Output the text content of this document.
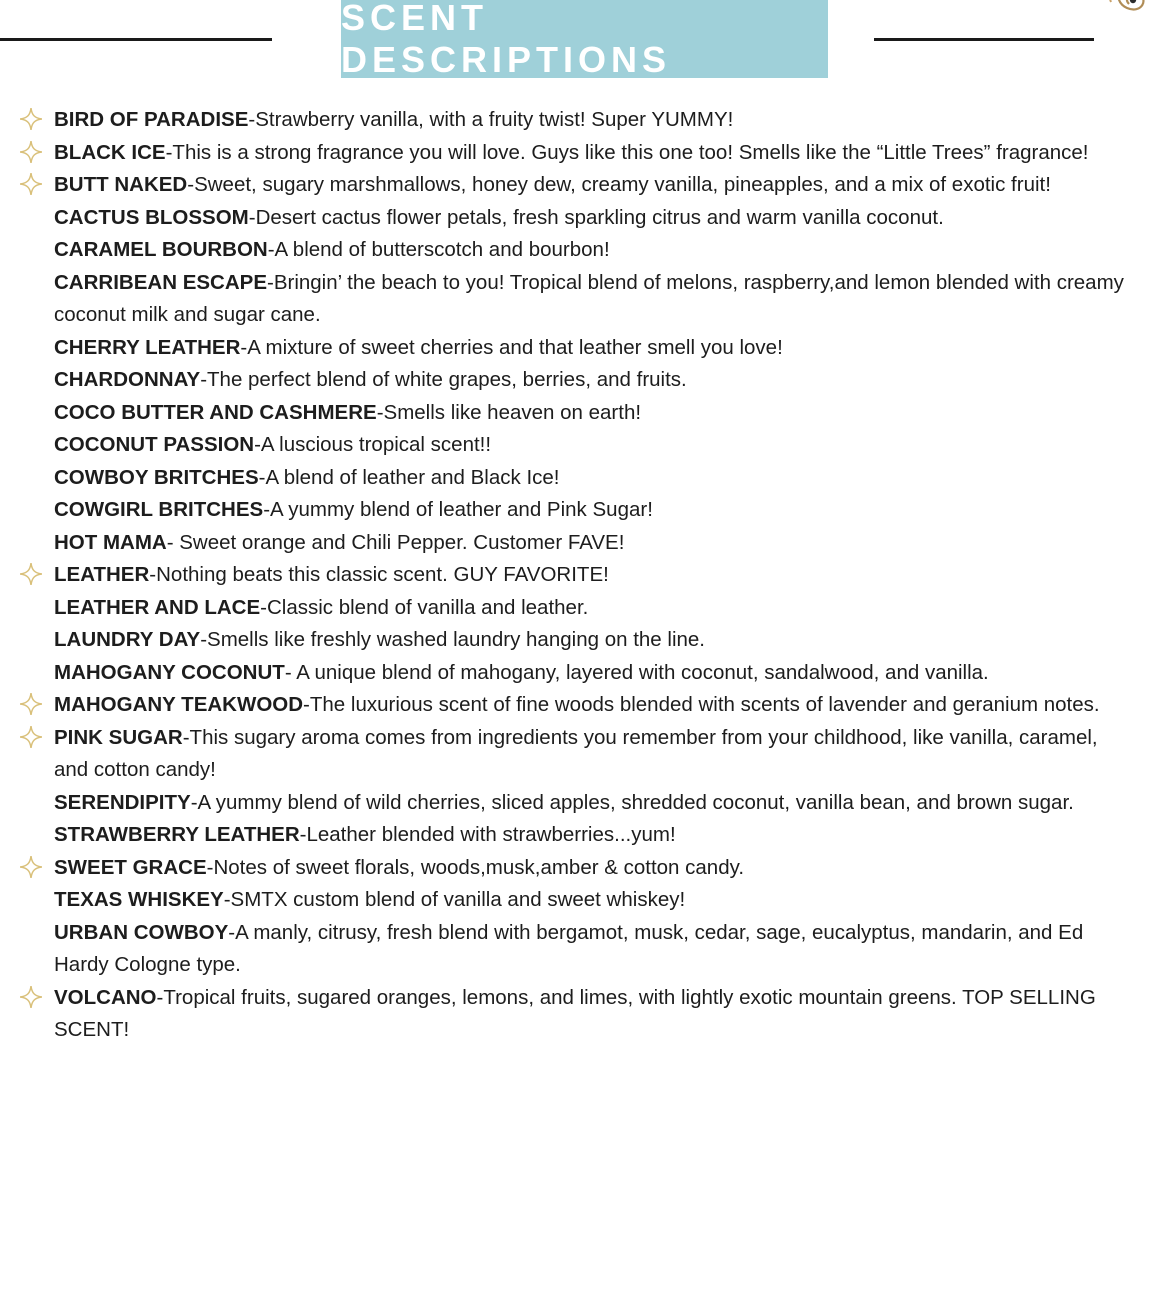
SCENT DESCRIPTIONS
BIRD OF PARADISE-Strawberry vanilla, with a fruity twist! Super YUMMY!
BLACK ICE-This is a strong fragrance you will love. Guys like this one too! Smells like the “Little Trees” fragrance!
BUTT NAKED-Sweet, sugary marshmallows, honey dew, creamy vanilla, pineapples, and a mix of exotic fruit!
CACTUS BLOSSOM-Desert cactus flower petals, fresh sparkling citrus and warm vanilla coconut.
CARAMEL BOURBON-A blend of butterscotch and bourbon!
CARRIBEAN ESCAPE-Bringin’ the beach to you! Tropical blend of melons, raspberry,and lemon blended with creamy coconut milk and sugar cane.
CHERRY LEATHER-A mixture of sweet cherries and that leather smell you love!
CHARDONNAY-The perfect blend of white grapes, berries, and fruits.
COCO BUTTER AND CASHMERE-Smells like heaven on earth!
COCONUT PASSION-A luscious tropical scent!!
COWBOY BRITCHES-A blend of leather and Black Ice!
COWGIRL BRITCHES-A yummy blend of leather and Pink Sugar!
HOT MAMA- Sweet orange and Chili Pepper. Customer FAVE!
LEATHER-Nothing beats this classic scent. GUY FAVORITE!
LEATHER AND LACE-Classic blend of vanilla and leather.
LAUNDRY DAY-Smells like freshly washed laundry hanging on the line.
MAHOGANY COCONUT- A unique blend of mahogany, layered with coconut, sandalwood, and vanilla.
MAHOGANY TEAKWOOD-The luxurious scent of fine woods blended with scents of lavender and geranium notes.
PINK SUGAR-This sugary aroma comes from ingredients you remember from your childhood, like vanilla, caramel, and cotton candy!
SERENDIPITY-A yummy blend of wild cherries, sliced apples, shredded coconut, vanilla bean, and brown sugar.
STRAWBERRY LEATHER-Leather blended with strawberries...yum!
SWEET GRACE-Notes of sweet florals, woods,musk,amber & cotton candy.
TEXAS WHISKEY-SMTX custom blend of vanilla and sweet whiskey!
URBAN COWBOY-A manly, citrusy, fresh blend with bergamot, musk, cedar, sage, eucalyptus, mandarin, and Ed Hardy Cologne type.
VOLCANO-Tropical fruits, sugared oranges, lemons, and limes, with lightly exotic mountain greens. TOP SELLING SCENT!
